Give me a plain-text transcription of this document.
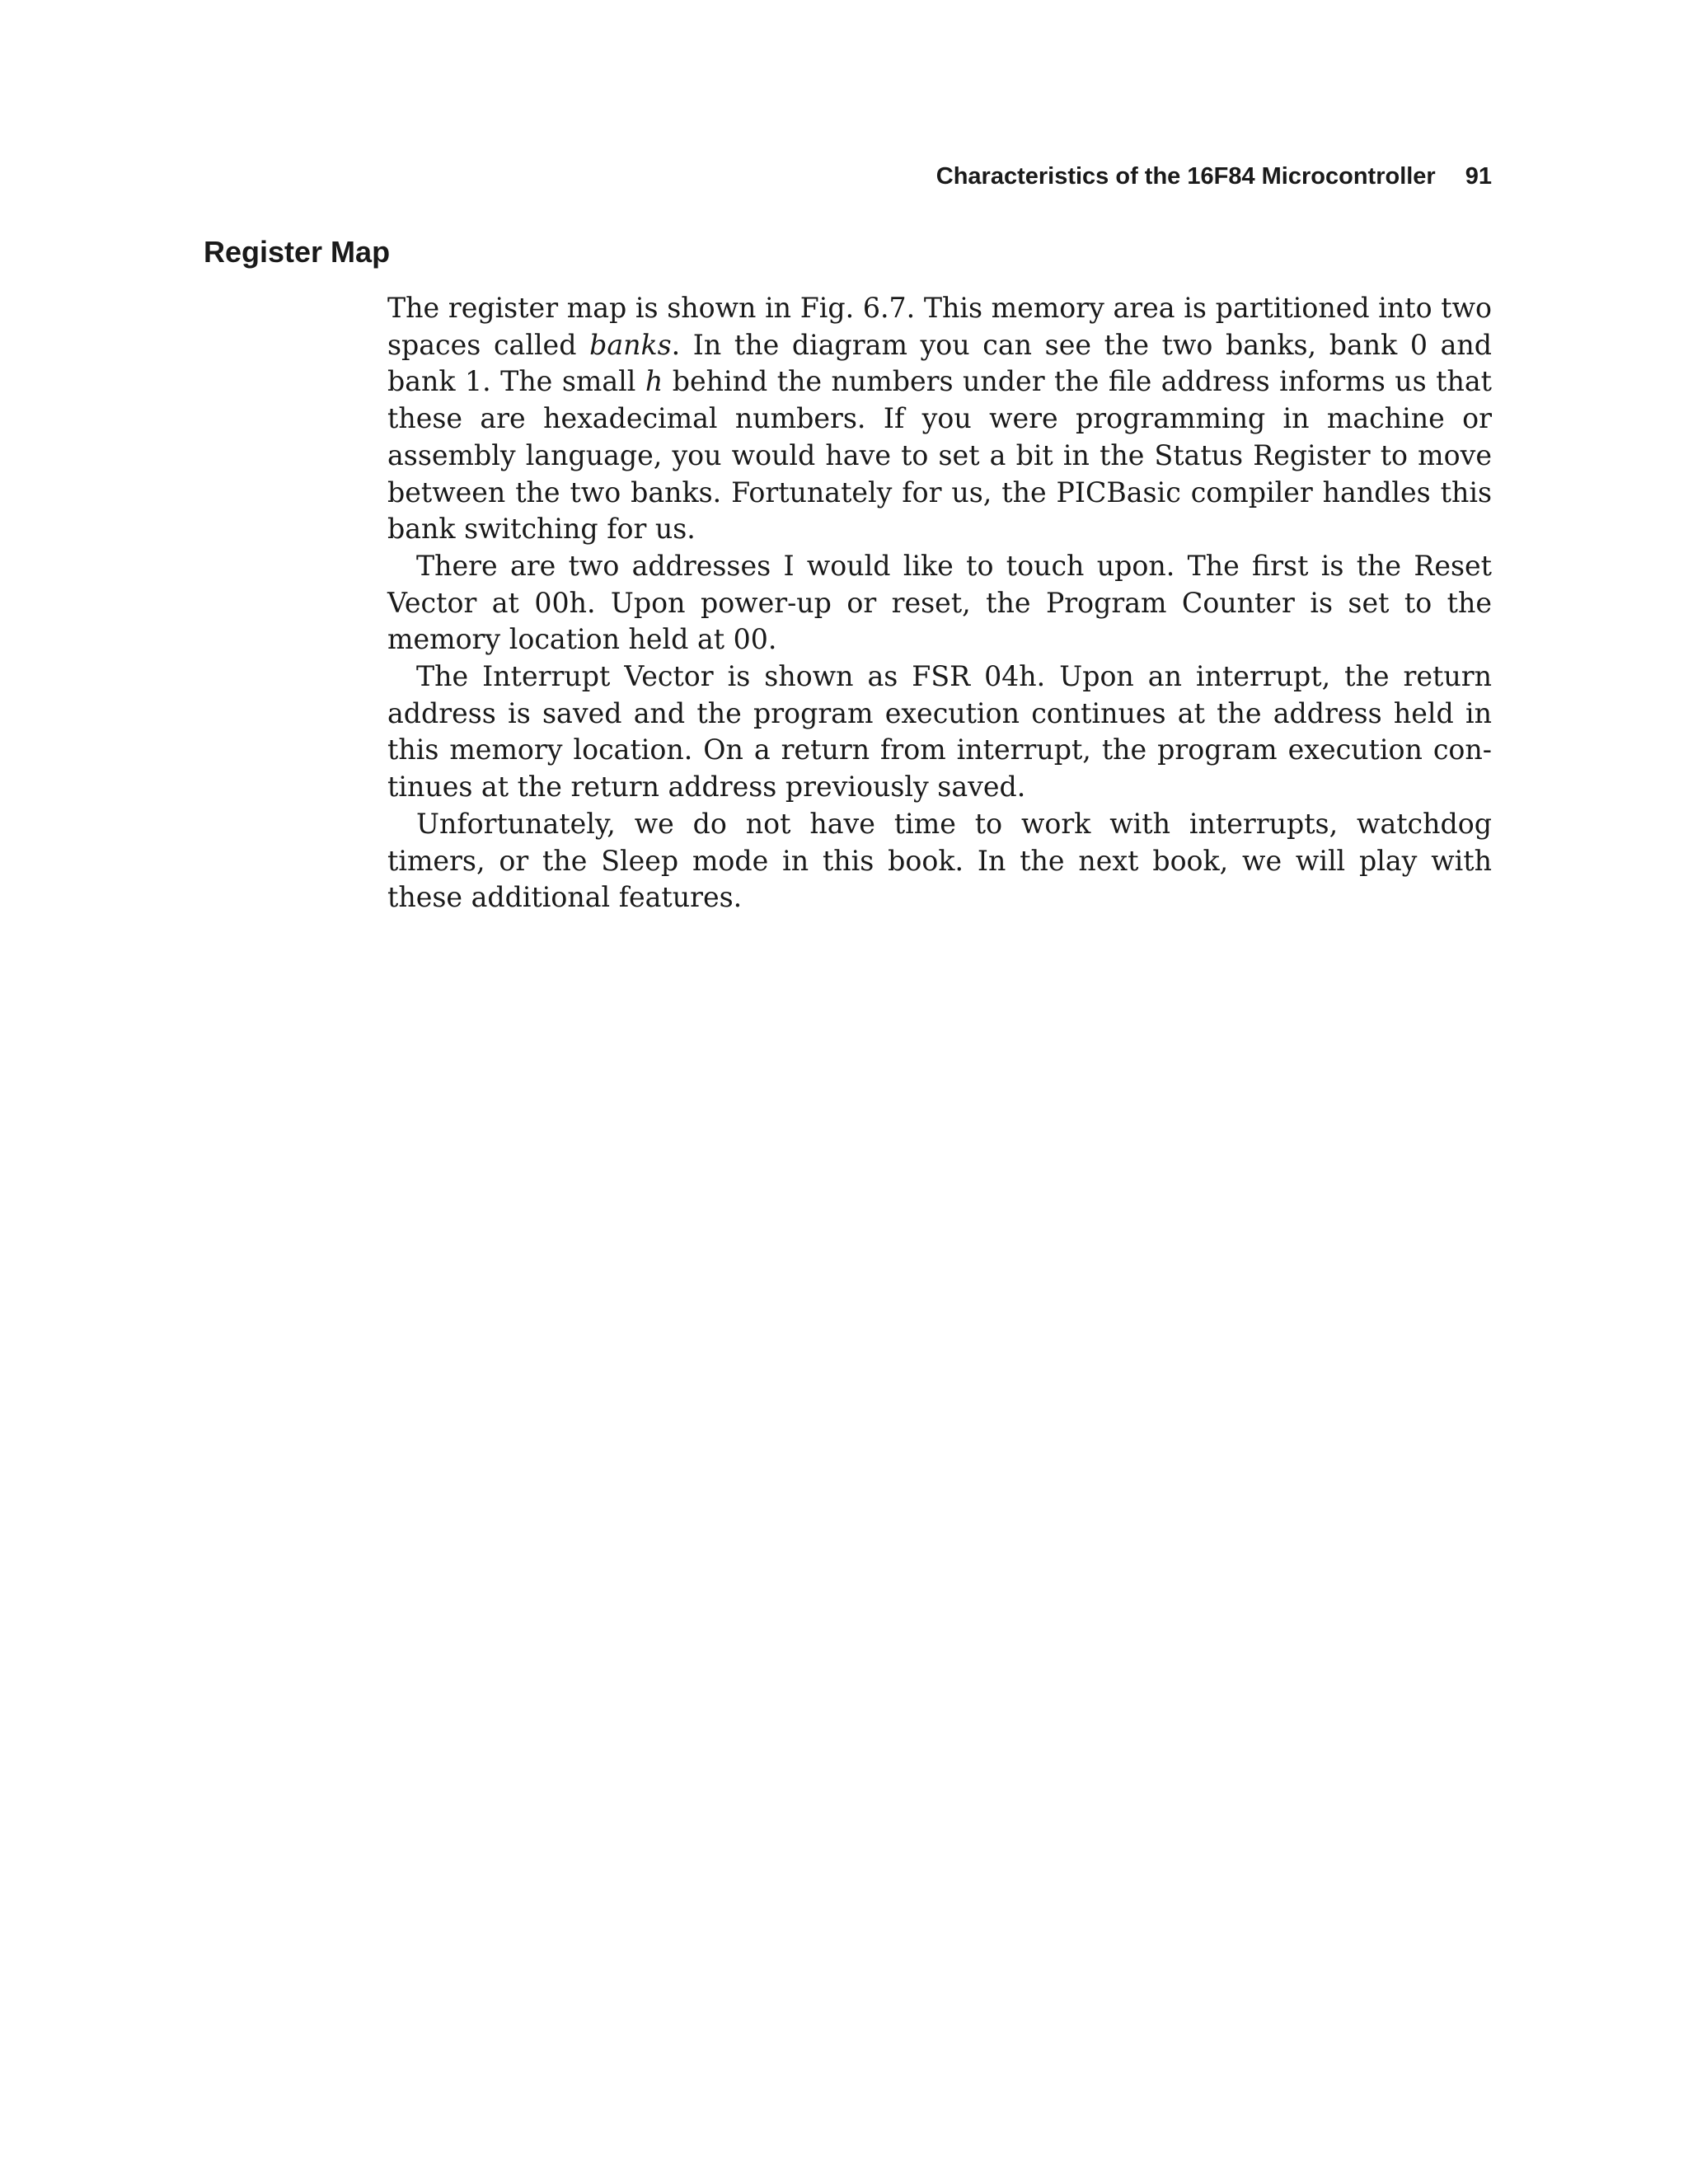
Characteristics of the 16F84 Microcontroller 91
Register Map

The register map is shown in Fig. 6.7. This memory area is partitioned into two spaces called banks. In the diagram you can see the two banks, bank 0 and bank 1. The small h behind the numbers under the file address informs us that these are hexadecimal numbers. If you were programming in machine or assembly language, you would have to set a bit in the Status Register to move between the two banks. Fortunately for us, the PICBasic compiler handles this bank switching for us.

There are two addresses I would like to touch upon. The first is the Reset Vector at 00h. Upon power-up or reset, the Program Counter is set to the memory location held at 00.

The Interrupt Vector is shown as FSR 04h. Upon an interrupt, the return address is saved and the program execution continues at the address held in this memory location. On a return from interrupt, the program execution continues at the return address previously saved.

Unfortunately, we do not have time to work with interrupts, watchdog timers, or the Sleep mode in this book. In the next book, we will play with these additional features.
